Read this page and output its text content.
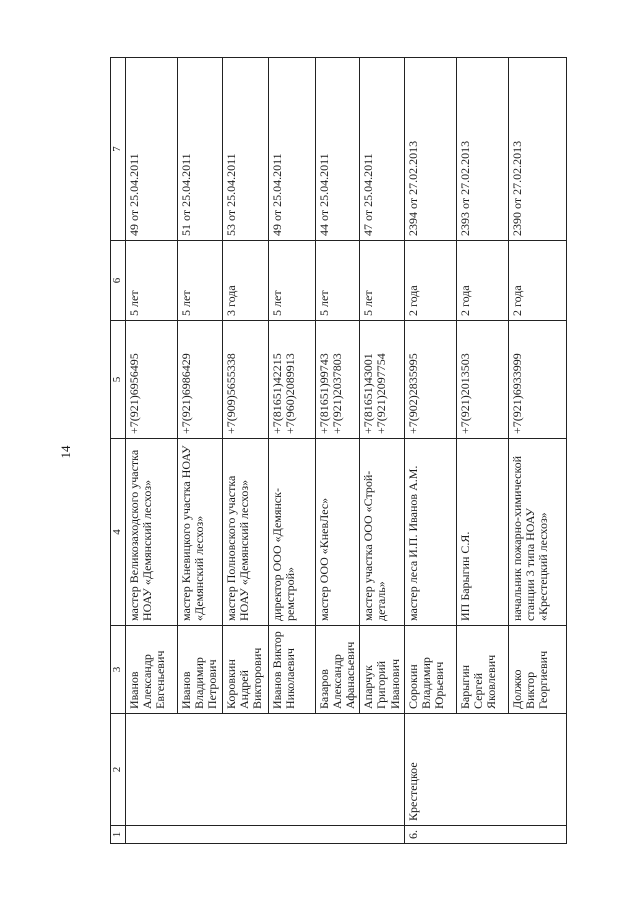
14
1	2	3	4	5	6	7
		Иванов Александр Евгеньевич	мастер Великозаходского участка НОАУ «Демянский лесхоз»	+7(921)6956495	5 лет	49 от 25.04.2011
		Иванов Владимир Петрович	мастер Кневицкого участка НОАУ «Демянский лесхоз»	+7(921)6986429	5 лет	51 от 25.04.2011
		Коровкин Андрей Викторович	мастер Полновского участка НОАУ «Демянский лесхоз»	+7(909)5655338	3 года	53 от 25.04.2011
		Иванов Виктор Николаевич	директор ООО «Демянск-ремстрой»	+7(81651)42215 +7(960)2089913	5 лет	49 от 25.04.2011
		Базаров Александр Афанасьевич	мастер ООО «КневЛес»	+7(81651)99743 +7(921)2037803	5 лет	44 от 25.04.2011
		Апарчук Григорий Иванович	мастер участка ООО «Строй-деталь»	+7(81651)43001 +7(921)2097754	5 лет	47 от 25.04.2011
6.	Крестецкое	Сорокин Владимир Юрьевич	мастер леса И.П. Иванов А.М.	+7(902)2835995	2 года	2394 от 27.02.2013
		Барыгин Сергей Яковлевич	ИП Барыгин С.Я.	+7(921)2013503	2 года	2393 от 27.02.2013
		Должко Виктор Георгиевич	начальник пожарно-химической станции 3 типа НОАУ «Крестецкий лесхоз»	+7(921)6933999	2 года	2390 от 27.02.2013
